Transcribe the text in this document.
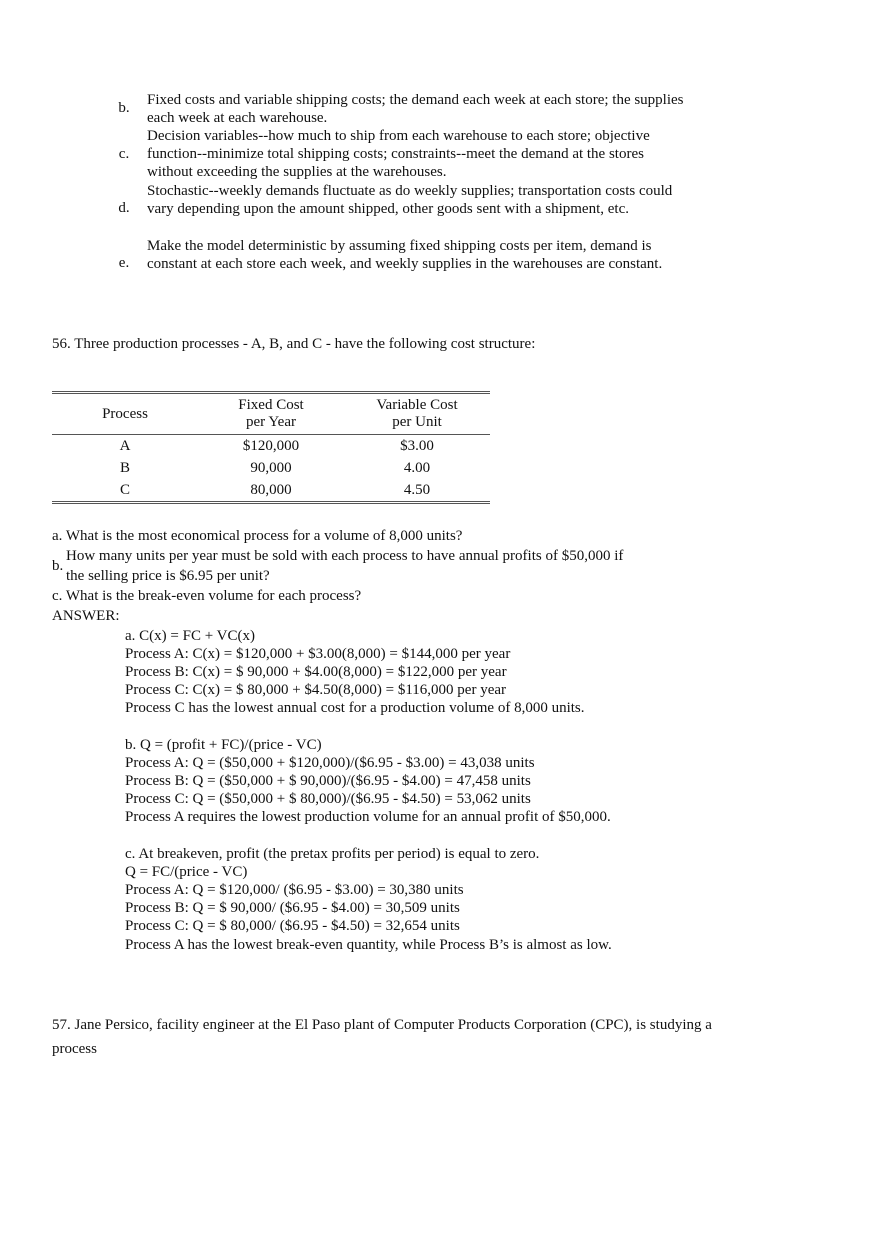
b. Fixed costs and variable shipping costs; the demand each week at each store; the supplies each week at each warehouse.
c.
Decision variables--how much to ship from each warehouse to each store; objective function--minimize total shipping costs; constraints--meet the demand at the stores without exceeding the supplies at the warehouses.
d.
Stochastic--weekly demands fluctuate as do weekly supplies; transportation costs could vary depending upon the amount shipped, other goods sent with a shipment, etc.
e.
Make the model deterministic by assuming fixed shipping costs per item, demand is constant at each store each week, and weekly supplies in the warehouses are constant.
56. Three production processes - A, B, and C - have the following cost structure:
Process	Fixed Cost	Variable Cost
	per Year	per Unit
A	$120,000	$3.00
B	90,000	4.00
C	80,000	4.50
a. What is the most economical process for a volume of 8,000 units?
b.
How many units per year must be sold with each process to have annual profits of $50,000 if
the selling price is $6.95 per unit?
c. What is the break-even volume for each process?
ANSWER:
a. C(x) = FC + VC(x)
Process A: C(x) = $120,000 + $3.00(8,000) = $144,000 per year
Process B: C(x) = $ 90,000 + $4.00(8,000) = $122,000 per year
Process C: C(x) = $ 80,000 + $4.50(8,000) = $116,000 per year
Process C has the lowest annual cost for a production volume of 8,000 units.
b. Q = (profit + FC)/(price - VC)
Process A: Q = ($50,000 + $120,000)/($6.95 - $3.00) = 43,038 units
Process B: Q = ($50,000 + $ 90,000)/($6.95 - $4.00) = 47,458 units
Process C: Q = ($50,000 + $ 80,000)/($6.95 - $4.50) = 53,062 units
Process A requires the lowest production volume for an annual profit of $50,000.
c. At breakeven, profit (the pretax profits per period) is equal to zero.
Q = FC/(price - VC)
Process A: Q = $120,000/ ($6.95 - $3.00) = 30,380 units
Process B: Q = $ 90,000/ ($6.95 - $4.00) = 30,509 units
Process C: Q = $ 80,000/ ($6.95 - $4.50) = 32,654 units
Process A has the lowest break-even quantity, while Process B’s is almost as low.
57. Jane Persico, facility engineer at the El Paso plant of Computer Products Corporation (CPC), is studying a
process
